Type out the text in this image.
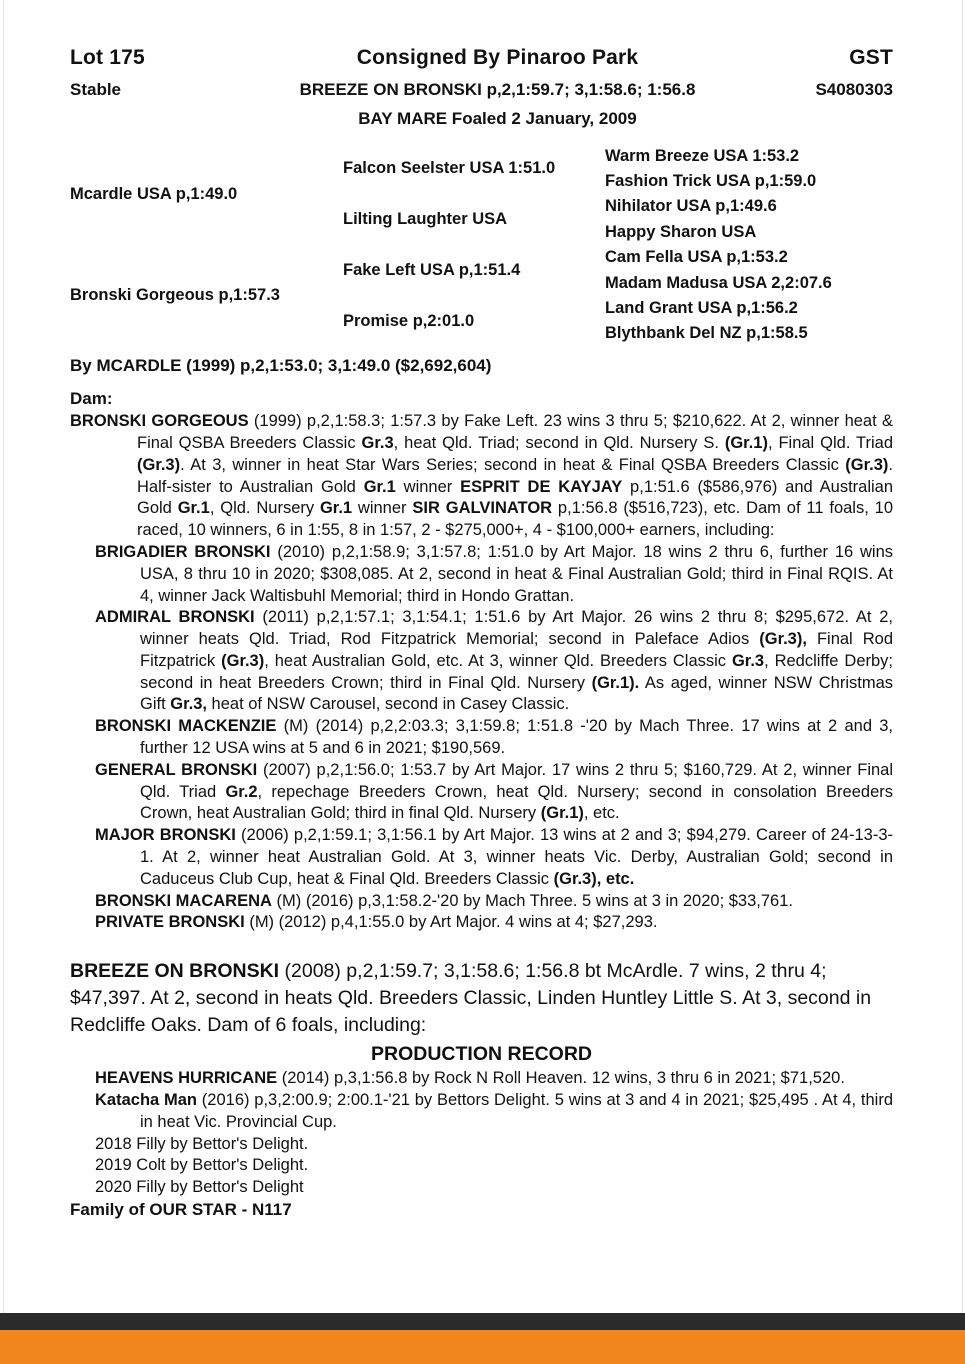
Lot 175
Stable
Consigned By Pinaroo Park
BREEZE ON BRONSKI p,2,1:59.7; 3,1:58.6; 1:56.8
BAY MARE Foaled 2 January, 2009
GST
S4080303
Mcardle USA p,1:49.0
Bronski Gorgeous p,1:57.3
Falcon Seelster USA 1:51.0
Lilting Laughter USA
Fake Left USA p,1:51.4
Promise p,2:01.0
Warm Breeze USA 1:53.2
Fashion Trick USA p,1:59.0
Nihilator USA p,1:49.6
Happy Sharon USA
Cam Fella USA p,1:53.2
Madam Madusa USA 2,2:07.6
Land Grant USA p,1:56.2
Blythbank Del NZ p,1:58.5
By MCARDLE (1999) p,2,1:53.0; 3,1:49.0 ($2,692,604)
Dam:
BRONSKI GORGEOUS (1999) p,2,1:58.3; 1:57.3 by Fake Left. 23 wins 3 thru 5; $210,622. At 2, winner heat & Final QSBA Breeders Classic Gr.3, heat Qld. Triad; second in Qld. Nursery S. (Gr.1), Final Qld. Triad (Gr.3). At 3, winner in heat Star Wars Series; second in heat & Final QSBA Breeders Classic (Gr.3). Half-sister to Australian Gold Gr.1 winner ESPRIT DE KAYJAY p,1:51.6 ($586,976) and Australian Gold Gr.1, Qld. Nursery Gr.1 winner SIR GALVINATOR p,1:56.8 ($516,723), etc. Dam of 11 foals, 10 raced, 10 winners, 6 in 1:55, 8 in 1:57, 2 - $275,000+, 4 - $100,000+ earners, including:
BRIGADIER BRONSKI (2010) p,2,1:58.9; 3,1:57.8; 1:51.0 by Art Major. 18 wins 2 thru 6, further 16 wins USA, 8 thru 10 in 2020; $308,085. At 2, second in heat & Final Australian Gold; third in Final RQIS. At 4, winner Jack Waltisbuhl Memorial; third in Hondo Grattan.
ADMIRAL BRONSKI (2011) p,2,1:57.1; 3,1:54.1; 1:51.6 by Art Major. 26 wins 2 thru 8; $295,672. At 2, winner heats Qld. Triad, Rod Fitzpatrick Memorial; second in Paleface Adios (Gr.3), Final Rod Fitzpatrick (Gr.3), heat Australian Gold, etc. At 3, winner Qld. Breeders Classic Gr.3, Redcliffe Derby; second in heat Breeders Crown; third in Final Qld. Nursery (Gr.1). As aged, winner NSW Christmas Gift Gr.3, heat of NSW Carousel, second in Casey Classic.
BRONSKI MACKENZIE (M) (2014) p,2,2:03.3; 3,1:59.8; 1:51.8 -'20 by Mach Three. 17 wins at 2 and 3, further 12 USA wins at 5 and 6 in 2021; $190,569.
GENERAL BRONSKI (2007) p,2,1:56.0; 1:53.7 by Art Major. 17 wins 2 thru 5; $160,729. At 2, winner Final Qld. Triad Gr.2, repechage Breeders Crown, heat Qld. Nursery; second in consolation Breeders Crown, heat Australian Gold; third in final Qld. Nursery (Gr.1), etc.
MAJOR BRONSKI (2006) p,2,1:59.1; 3,1:56.1 by Art Major. 13 wins at 2 and 3; $94,279. Career of 24-13-3-1. At 2, winner heat Australian Gold. At 3, winner heats Vic. Derby, Australian Gold; second in Caduceus Club Cup, heat & Final Qld. Breeders Classic (Gr.3), etc.
BRONSKI MACARENA (M) (2016) p,3,1:58.2-'20 by Mach Three. 5 wins at 3 in 2020; $33,761.
PRIVATE BRONSKI (M) (2012) p,4,1:55.0 by Art Major. 4 wins at 4; $27,293.
BREEZE ON BRONSKI (2008) p,2,1:59.7; 3,1:58.6; 1:56.8 bt McArdle. 7 wins, 2 thru 4; $47,397. At 2, second in heats Qld. Breeders Classic, Linden Huntley Little S. At 3, second in Redcliffe Oaks. Dam of 6 foals, including:
PRODUCTION RECORD
HEAVENS HURRICANE (2014) p,3,1:56.8 by Rock N Roll Heaven. 12 wins, 3 thru 6 in 2021; $71,520.
Katacha Man (2016) p,3,2:00.9; 2:00.1-'21 by Bettors Delight. 5 wins at 3 and 4 in 2021; $25,495 . At 4, third in heat Vic. Provincial Cup.
2018 Filly by Bettor's Delight.
2019 Colt by Bettor's Delight.
2020 Filly by Bettor's Delight
Family of OUR STAR - N117
